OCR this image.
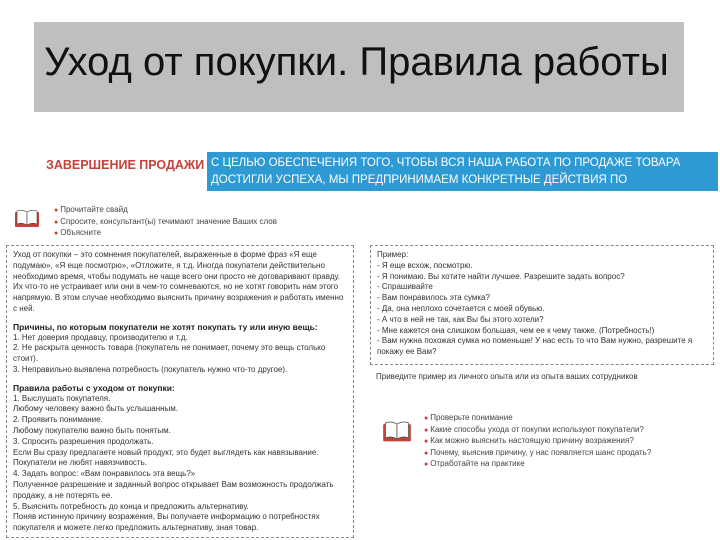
Уход от покупки. Правила работы
ЗАВЕРШЕНИЕ ПРОДАЖИ С ЦЕЛЬЮ ОБЕСПЕЧЕНИЯ ТОГО, ЧТОБЫ ВСЯ НАША РАБОТА ПО ПРОДАЖЕ ТОВАРА ДОСТИГЛИ УСПЕХА, МЫ ПРЕДПРИНИМАЕМ КОНКРЕТНЫЕ ДЕЙСТВИЯ ПО ОФОРМЛЕНИЮ СДЕЛКИ
● Прочитайте свайд
● Спросите, консультант(ы) течимают значение Ваших слов
● Объясните

Уход от покупки – это сомнения покупателей, выраженные в форме фраз «Я еще подумаю», «Я еще посмотрю», «Отложите, я т.д. Иногда покупатели действительно необходимо время, чтобы подумать не чаще всего они просто не договаривают правду. Их что-то не устраивает или они в чем-то сомневаются, но не хотят говорить нам этого напрямую. В этом случае необходимо выяснить причину возражения и работать именно с ней.

Причины, по которым покупатели не хотят покупать ту или иную вещь:

1. Нет доверия продавцу, производителю и т.д.

2. Не раскрыта ценность товара (покупатель не понимает, почему это вещь столько стоит).

3. Неправильно выявлена потребность (покупатель нужно что-то другое).

Правила работы с уходом от покупки:

1. Выслушать покупателя.

Любому человеку важно быть услышанным.

2. Проявить понимание.

Любому покупателю важно быть понятым.

3. Спросить разрешения продолжать.

Если Вы сразу предлагаете новый продукт, это будет выглядеть как навязывание. Покупатели не любят навязчивость.

4. Задать вопрос: «Вам понравилось эта вещь?»

Полученное разрешение и заданный вопрос открывает Вам возможность продолжать продажу, а не потерять ее.

5. Выяснить потребность до конца и предложить альтернативу.

Поняв истинную причину возражения, Вы получаете информацию о потребностях покупателя и можете легко предложить альтернативу, зная товар.

Пример:

- Я еще всхож, посмотрю.

- Я понимаю. Вы хотите найти лучшее. Разрешите задать вопрос?

- Спрашивайте

- Вам понравилось эта сумка?

- Да, она неплохо сочетается с моей обувью.

- А что в ней не так, как Вы бы этого хотели?

- Мне кажется она слишком большая, чем ее к чему также. (Потребность!)

- Вам нужна похожая сумка но поменьше! У нас есть то что Вам нужно, разрешите я покажу ее Вам?

Приведите пример из личного опыта или из опыта ваших сотрудников
● Проверьте понимание
● Какие способы ухода от покупки используют покупатели?
● Как можно выяснить настоящую причину возражения?
● Почему, выяснив причину, у нас появляется шанс продать?
● Отработайте на практике
